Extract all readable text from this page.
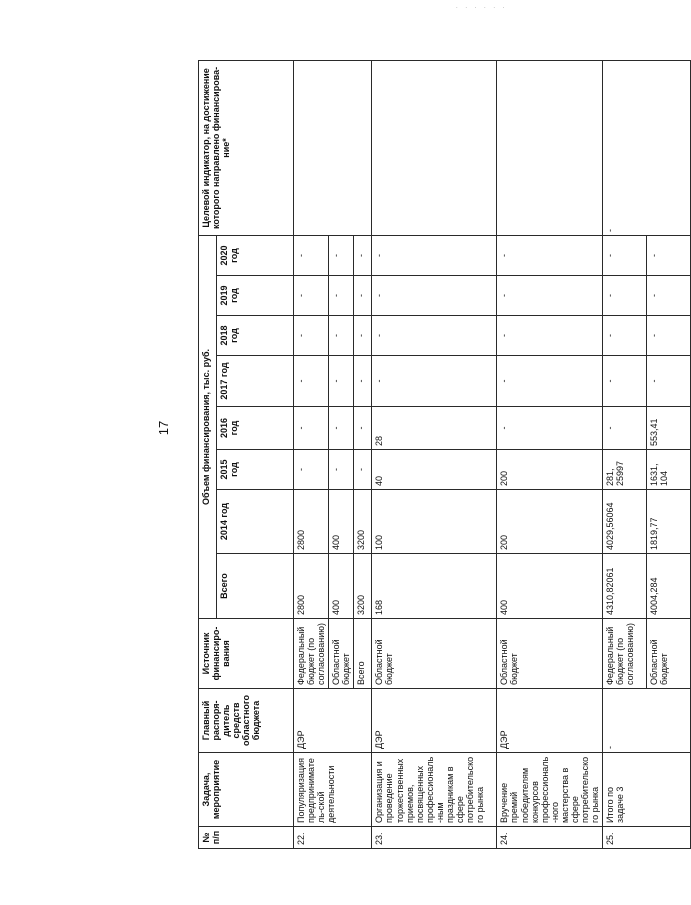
. . . . . .
17
№ п/п	Задача, мероприятие	Главный распоря-дитель средств областного бюджета	Источник финансиро-вания	Объем финансирования, тыс. руб.								Целевой индикатор, на достижение которого направлено финансирова-ние*
				Всего	2014 год	2015 год	2016 год	2017 год	2018 год	2019 год	2020 год	
22.	Популяризация предприниматель-ской деятельности	ДЭР	Федеральный бюджет (по согласованию)	2800	2800	-	-	-	-	-	-	
			Областной бюджет	400	400	-	-	-	-	-	-	
			Всего	3200	3200	-	-	-	-	-	-	
23.	Организация и проведение торжественных приемов, посвященных профессиональ-ным праздникам в сфере потребительского рынка	ДЭР	Областной бюджет	168	100	40	28	-	-	-	-	
24.	Вручение премий победителям конкурсов профессиональ-ного мастерства в сфере потребительского рынка	ДЭР	Областной бюджет	400	200	200	-	-	-	-	-	
25.	Итого по задаче 3	-	Федеральный бюджет (по согласованию)	4310,82061	4029,56064	281, 25997	-	-	-	-	-	-
			Областной бюджет	4004,284	1819,77	1631, 104	553,41	-	-	-	-	
